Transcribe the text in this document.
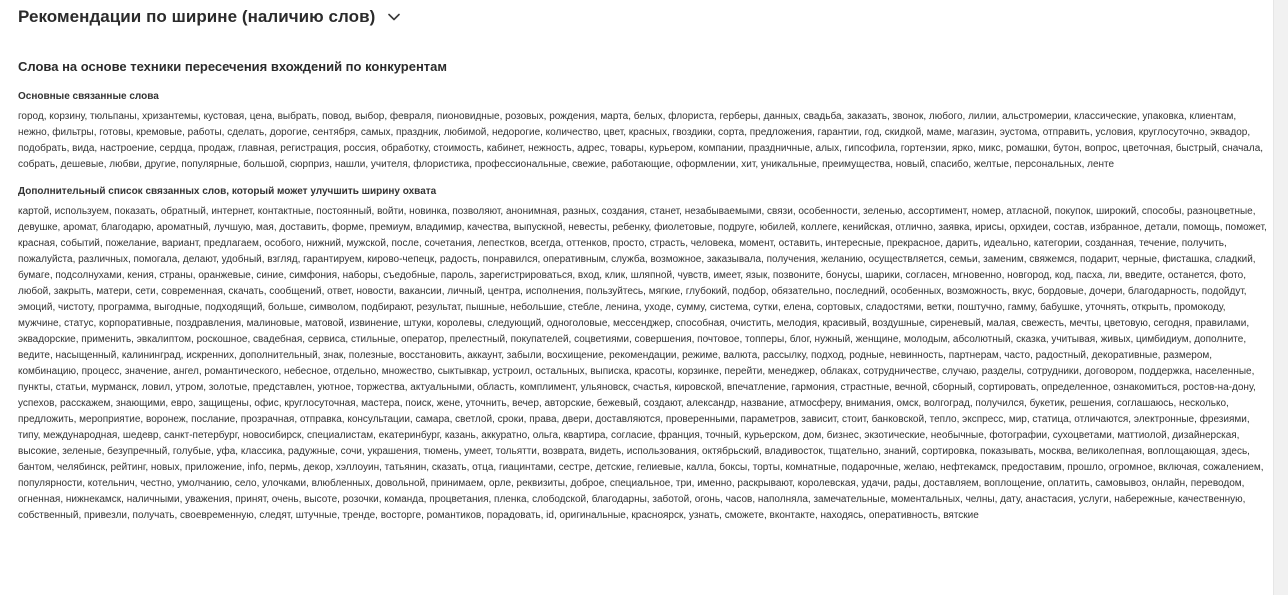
Рекомендации по ширине (наличию слов)
Слова на основе техники пересечения вхождений по конкурентам
Основные связанные слова
город, корзину, тюльпаны, хризантемы, кустовая, цена, выбрать, повод, выбор, февраля, пионовидные, розовых, рождения, марта, белых, флориста, герберы, данных, свадьба, заказать, звонок, любого, лилии, альстромерии, классические, упаковка, клиентам, нежно, фильтры, готовы, кремовые, работы, сделать, дорогие, сентября, самых, праздник, любимой, недорогие, количество, цвет, красных, гвоздики, сорта, предложения, гарантии, год, скидкой, маме, магазин, эустома, отправить, условия, круглосуточно, эквадор, подобрать, вида, настроение, сердца, продаж, главная, регистрация, россия, обработку, стоимость, кабинет, нежность, адрес, товары, курьером, компании, праздничные, алых, гипсофила, гортензии, ярко, микс, ромашки, бутон, вопрос, цветочная, быстрый, сначала, собрать, дешевые, любви, другие, популярные, большой, сюрприз, нашли, учителя, флористика, профессиональные, свежие, работающие, оформлении, хит, уникальные, преимущества, новый, спасибо, желтые, персональных, ленте
Дополнительный список связанных слов, который может улучшить ширину охвата
картой, используем, показать, обратный, интернет, контактные, постоянный, войти, новинка, позволяют, анонимная, разных, создания, станет, незабываемыми, связи, особенности, зеленью, ассортимент, номер, атласной, покупок, широкий, способы, разноцветные, девушке, аромат, благодарю, ароматный, лучшую, мая, доставить, форме, премиум, владимир, качества, выпускной, невесты, ребенку, фиолетовые, подруге, юбилей, коллеге, кенийская, отлично, заявка, ирисы, орхидеи, состав, избранное, детали, помощь, поможет, красная, событий, пожелание, вариант, предлагаем, особого, нижний, мужской, после, сочетания, лепестков, всегда, оттенков, просто, страсть, человека, момент, оставить, интересные, прекрасное, дарить, идеально, категории, созданная, течение, получить, пожалуйста, различных, помогала, делают, удобный, взгляд, гарантируем, кирово-чепецк, радость, понравился, оперативным, служба, возможное, заказывала, получения, желанию, осуществляется, семьи, заменим, свяжемся, подарит, черные, фисташка, сладкий, бумаге, подсолнухами, кения, страны, оранжевые, синие, симфония, наборы, съедобные, пароль, зарегистрироваться, вход, клик, шляпной, чувств, имеет, язык, позвоните, бонусы, шарики, согласен, мгновенно, новгород, код, пасха, ли, введите, останется, фото, любой, закрыть, матери, сети, современная, скачать, сообщений, ответ, новости, вакансии, личный, центра, исполнения, пользуйтесь, мягкие, глубокий, подбор, обязательно, последний, особенных, возможность, вкус, бордовые, дочери, благодарность, подойдут, эмоций, чистоту, программа, выгодные, подходящий, больше, символом, подбирают, результат, пышные, небольшие, стебле, ленина, уходе, сумму, система, сутки, елена, сортовых, сладостями, ветки, поштучно, гамму, бабушке, уточнять, открыть, промокоду, мужчине, статус, корпоративные, поздравления, малиновые, матовой, извинение, штуки, королевы, следующий, одноголовые, мессенджер, способная, очистить, мелодия, красивый, воздушные, сиреневый, малая, свежесть, мечты, цветовую, сегодня, правилами, эквадорские, применить, эвкалиптом, роскошное, свадебная, сервиса, стильные, оператор, прелестный, покупателей, соцветиями, совершения, почтовое, топперы, блог, нужный, женщине, молодым, абсолютный, сказка, учитывая, живых, цимбидиум, дополните, ведите, насыщенный, калининград, искренних, дополнительный, знак, полезные, восстановить, аккаунт, забыли, восхищение, рекомендации, режиме, валюта, рассылку, подход, родные, невинность, партнерам, часто, радостный, декоративные, размером, комбинацию, процесс, значение, ангел, романтического, небесное, отдельно, множество, сыктывкар, устроил, остальных, выписка, красоты, корзинке, перейти, менеджер, облаках, сотрудничестве, случаю, разделы, сотрудники, договором, поддержка, населенные, пункты, статьи, мурманск, ловил, утром, золотые, представлен, уютное, торжества, актуальными, область, комплимент, ульяновск, счастья, кировской, впечатление, гармония, страстные, вечной, сборный, сортировать, определенное, ознакомиться, ростов-на-дону, успехов, расскажем, знающими, евро, защищены, офис, круглосуточная, мастера, поиск, жене, уточнить, вечер, авторские, бежевый, создают, александр, название, атмосферу, внимания, омск, волгоград, получился, букетик, решения, соглашаюсь, несколько, предложить, мероприятие, воронеж, послание, прозрачная, отправка, консультации, самара, светлой, сроки, права, двери, доставляются, проверенными, параметров, зависит, стоит, банковской, тепло, экспресс, мир, статица, отличаются, электронные, фрезиями, типу, международная, шедевр, санкт-петербург, новосибирск, специалистам, екатеринбург, казань, аккуратно, ольга, квартира, согласие, франция, точный, курьерском, дом, бизнес, экзотические, необычные, фотографии, сухоцветами, маттиолой, дизайнерская, высокие, зеленые, безупречный, голубые, уфа, классика, радужные, сочи, украшения, тюмень, умеет, тольятти, возврата, видеть, использования, октябрьский, владивосток, тщательно, знаний, сортировка, показывать, москва, великолепная, воплощающая, здесь, бантом, челябинск, рейтинг, новых, приложение, info, пермь, декор, хэллоуин, татьянин, сказать, отца, гиацинтами, сестре, детские, гелиевые, калла, боксы, торты, комнатные, подарочные, желаю, нефтекамск, предоставим, прошло, огромное, включая, сожалением, популярности, котельнич, честно, умолчанию, село, улочками, влюбленных, довольной, принимаем, орле, реквизиты, доброе, специальное, три, именно, раскрывают, королевская, удачи, рады, доставляем, воплощение, оплатить, самовывоз, онлайн, переводом, огненная, нижнекамск, наличными, уважения, принят, очень, высоте, розочки, команда, процветания, пленка, слободской, благодарны, заботой, огонь, часов, наполняла, замечательные, моментальных, челны, дату, анастасия, услуги, набережные, качественную, собственный, привезли, получать, своевременную, следят, штучные, тренде, восторге, романтиков, порадовать, id, оригинальные, красноярск, узнать, сможете, вконтакте, находясь, оперативность, вятские
